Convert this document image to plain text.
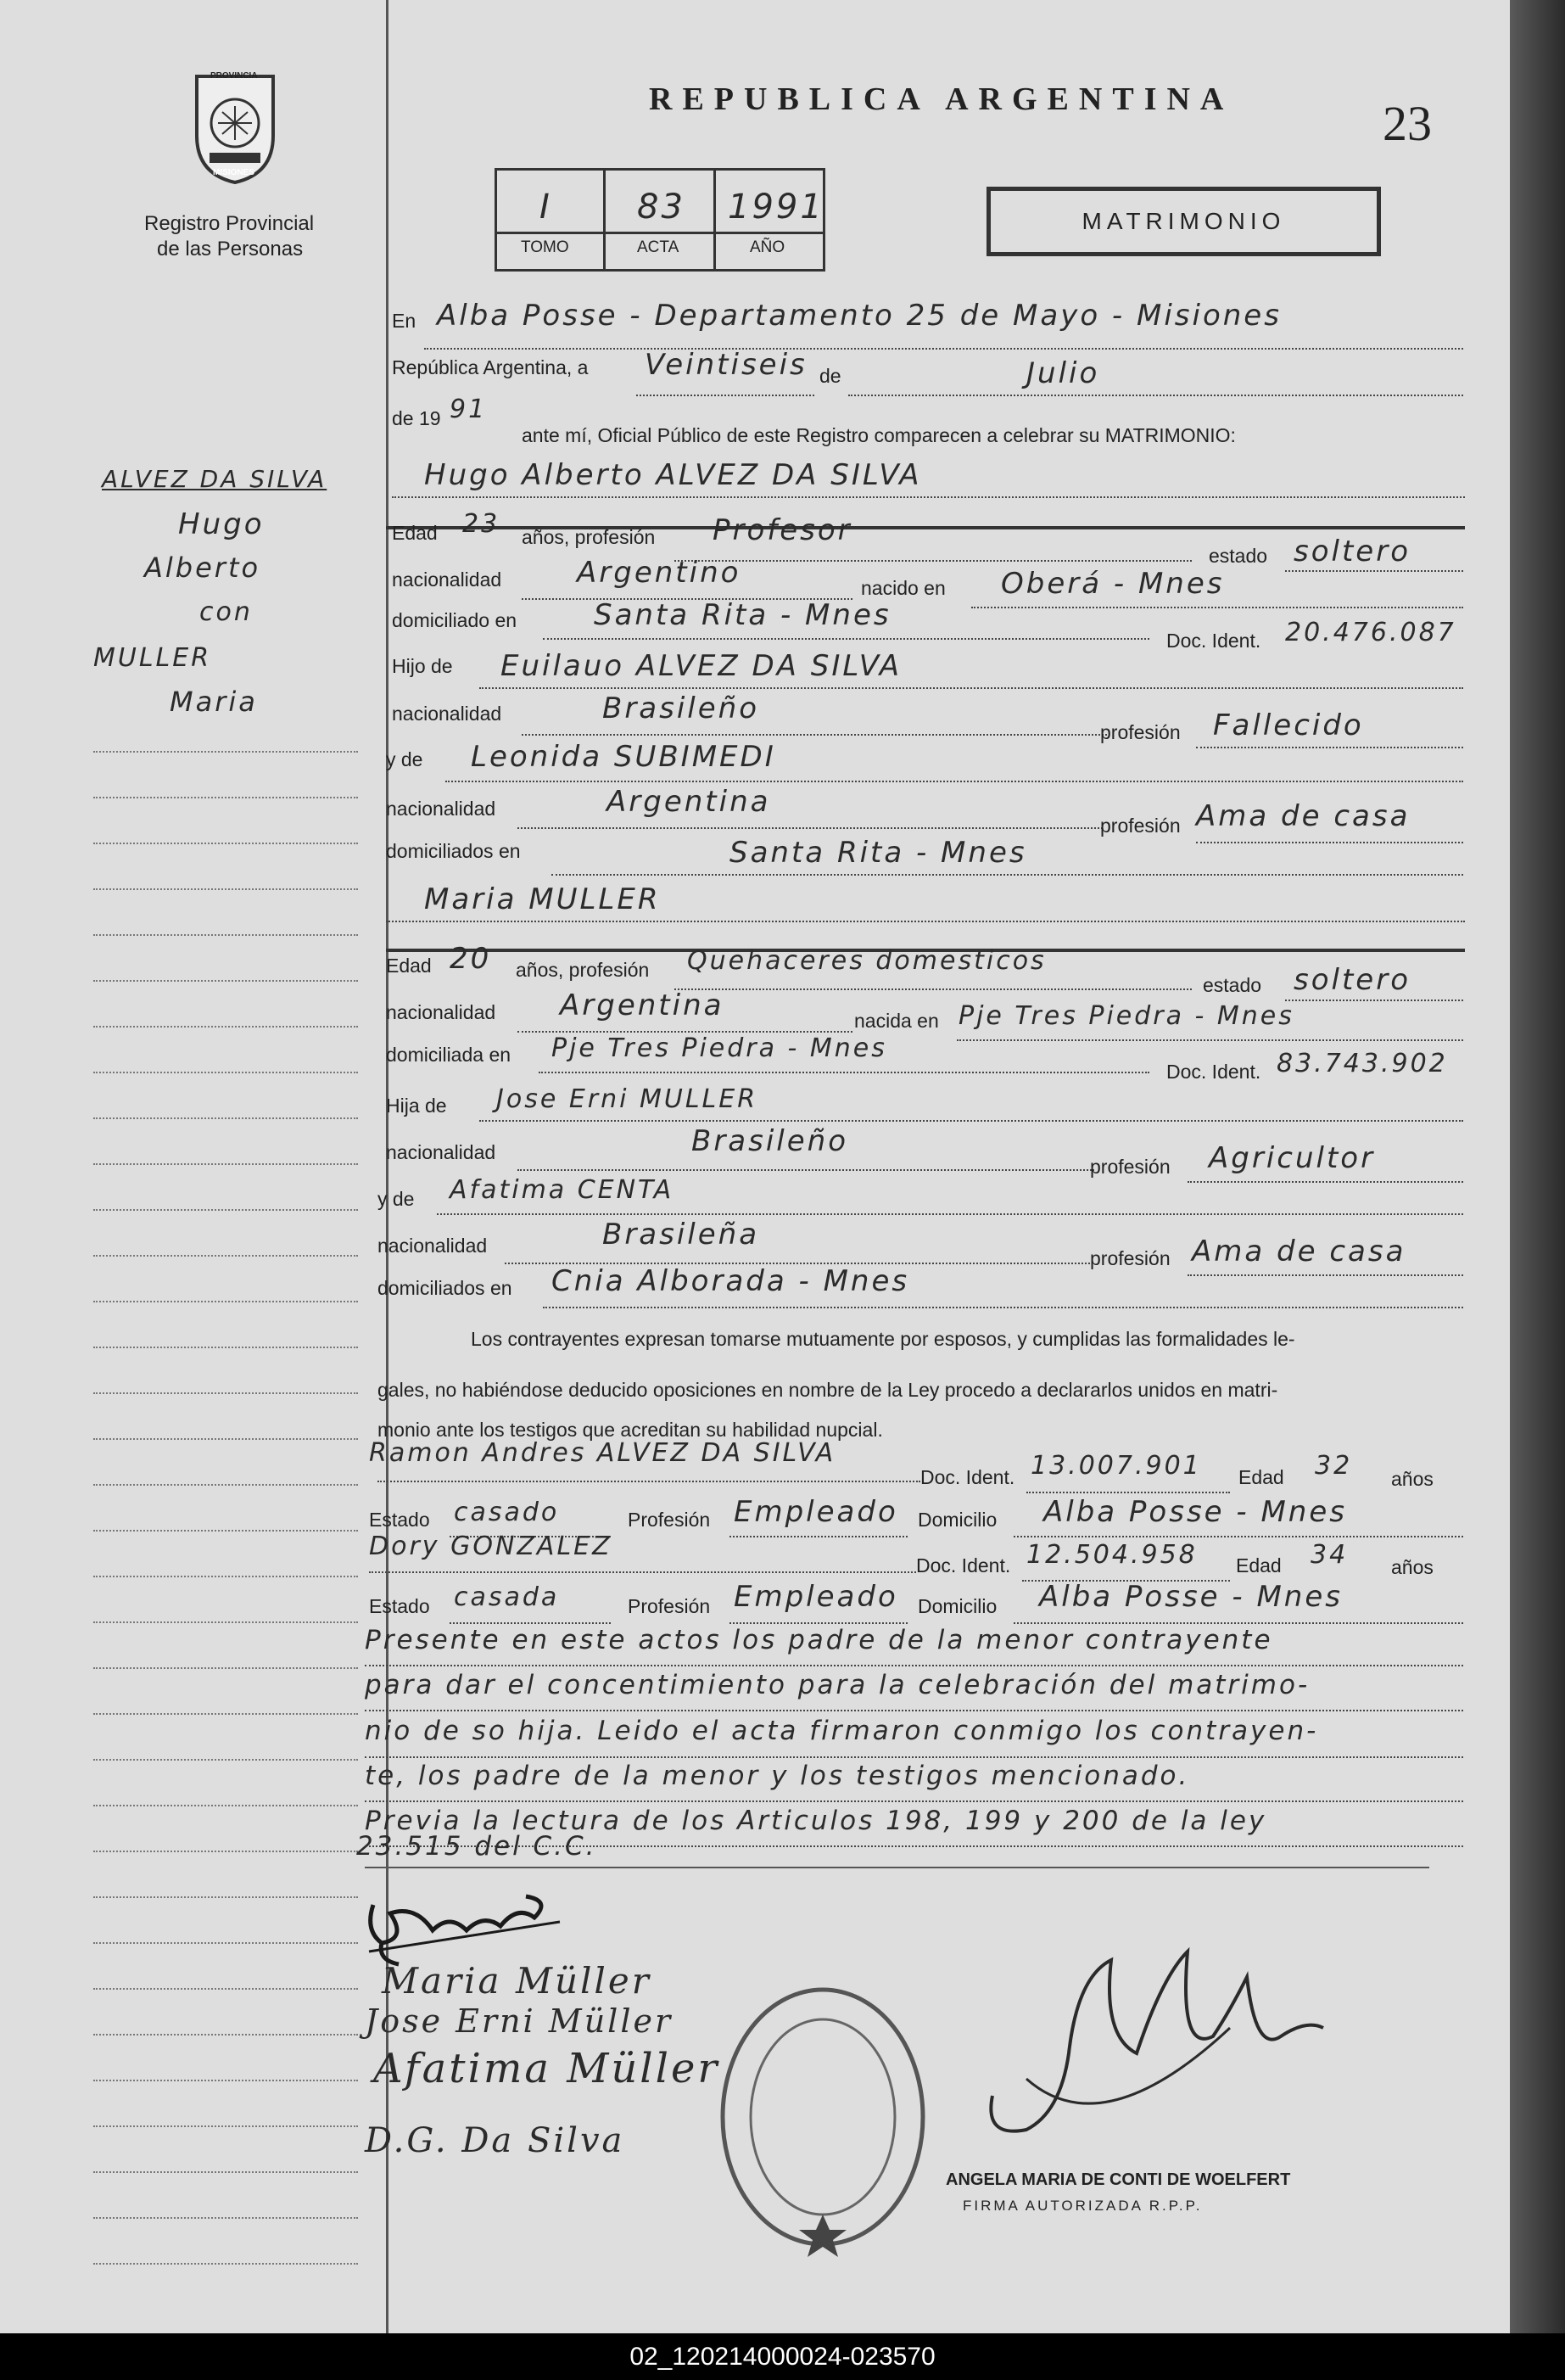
PROVINCIA
MISIONES
Registro Provincial
de las Personas
ALVEZ DA SILVA
Hugo
Alberto
con
MULLER
Maria
REPUBLICA ARGENTINA	23
I	83 1991
TOMO	ACTA	AÑO
MATRIMONIO
En Alba Posse - Departamento 25 de Mayo - Misiones
República Argentina, a Veintiseis de	Julio
de 19 91
ante mí, Oficial Público de este Registro comparecen a celebrar su MATRIMONIO:
Hugo Alberto ALVEZ DA SILVA
Edad 23 años, profesión Profesor
estado soltero
nacionalidad	Argentino	nacido en Oberá - Mnes
domiciliado en	Santa Rita - Mnes
Doc. Ident. 20.476.087
Hijo de Euilauo ALVEZ DA SILVA
nacionalidad	Brasileño
profesión Fallecido
y de Leonida SUBIMEDI
nacionalidad	Argentina
profesión Ama de casa
domiciliados en	Santa Rita - Mnes
Maria MULLER
Edad 20 años, profesión Quehaceres domesticos
estado soltero
nacionalidad Argentina	nacida en Pje Tres Piedra - Mnes
domiciliada en Pje Tres Piedra - Mnes
Doc. Ident. 83.743.902
Hija de Jose Erni MULLER
nacionalidad	Brasileño
profesión Agricultor
y de Afatima CENTA
nacionalidad	Brasileña
profesión Ama de casa
domiciliados en Cnia Alborada - Mnes
Los contrayentes expresan tomarse mutuamente por esposos, y cumplidas las formalidades le-
gales, no habiéndose deducido oposiciones en nombre de la Ley procedo a declararlos unidos en matri-
monio ante los testigos que acreditan su habilidad nupcial.
Ramon Andres ALVEZ DA SILVA
Doc. Ident. 13.007.901 Edad 32 años
Estado casado	Profesión Empleado Domicilio Alba Posse - Mnes
Dory GONZALEZ
Doc. Ident. 12.504.958 Edad 34 años
Estado casada	Profesión Empleado Domicilio Alba Posse - Mnes
Presente en este actos los padre de la menor contrayente
para dar el concentimiento para la celebración del matrimo-
nio de so hija. Leido el acta firmaron conmigo los contrayen-
te, los padre de la menor y los testigos mencionado.
Previa la lectura de los Articulos 198, 199 y 200 de la ley
23.515 del C.C.
Maria Müller
Jose Erni Müller
Afatima Müller
D.G. Da Silva
ANGELA MARIA DE CONTI DE WOELFERT
FIRMA AUTORIZADA R.P.P.
02_120214000024-023570
